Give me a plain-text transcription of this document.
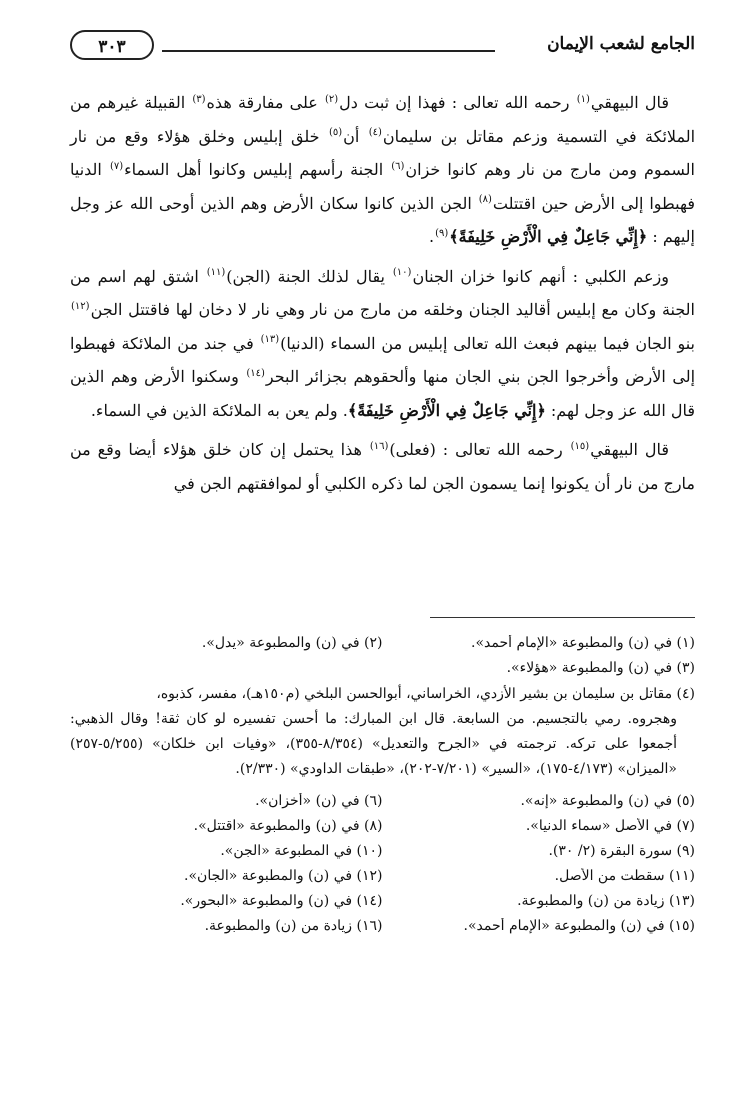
الجامع لشعب الإيمان
٣٠٣

قال البيهقي$^{(١)}$ رحمه الله تعالى : فهذا إن ثبت دل$^{(٢)}$ على مفارقة هذه$^{(٣)}$ القبيلة غيرهم من الملائكة في التسمية وزعم مقاتل بن سليمان$^{(٤)}$ أن$^{(٥)}$ خلق إبليس وخلق هؤلاء وقع من نار السموم ومن مارج من نار وهم كانوا خزان$^{(٦)}$ الجنة رأسهم إبليس وكانوا أهل السماء$^{(٧)}$ الدنيا فهبطوا إلى الأرض حين اقتتلت$^{(٨)}$ الجن الذين كانوا سكان الأرض وهم الذين أوحى الله عز وجل إليهم : ﴿إِنِّي جَاعِلٌ فِي الْأَرْضِ خَلِيفَةً﴾$^{(٩)}$.

وزعم الكلبي : أنهم كانوا خزان الجنان$^{(١٠)}$ يقال لذلك الجنة (الجن)$^{(١١)}$ اشتق لهم اسم من الجنة وكان مع إبليس أقاليد الجنان وخلقه من مارج من نار وهي نار لا دخان لها فاقتتل الجن$^{(١٢)}$ بنو الجان فيما بينهم فبعث الله تعالى إبليس من السماء (الدنيا)$^{(١٣)}$ في جند من الملائكة فهبطوا إلى الأرض وأخرجوا الجن بني الجان منها وألحقوهم بجزائر البحر$^{(١٤)}$ وسكنوا الأرض وهم الذين قال الله عز وجل لهم: ﴿إِنِّي جَاعِلٌ فِي الْأَرْضِ خَلِيفَةً﴾. ولم يعن به الملائكة الذين في السماء.

قال البيهقي$^{(١٥)}$ رحمه الله تعالى : (فعلى)$^{(١٦)}$ هذا يحتمل إن كان خلق هؤلاء أيضا وقع من مارج من نار أن يكونوا إنما يسمون الجن لما ذكره الكلبي أو لموافقتهم الجن في

(١) في (ن) والمطبوعة «الإمام أحمد».
(٢) في (ن) والمطبوعة «يدل».
(٣) في (ن) والمطبوعة «هؤلاء».
(٤) مقاتل بن سليمان بن بشير الأزدي، الخراساني، أبوالحسن البلخي (م١٥٠هـ)، مفسر، كذبوه،
وهجروه. رمي بالتجسيم. من السابعة. قال ابن المبارك: ما أحسن تفسيره لو كان ثقة! وقال الذهبي: أجمعوا على تركه. ترجمته في «الجرح والتعديل» (٨/٣٥٤-٣٥٥)، «وفيات ابن خلكان» (٥/٢٥٥-٢٥٧) «الميزان» (٤/١٧٣-١٧٥)، «السير» (٧/٢٠١-٢٠٢)، «طبقات الداودي» (٢/٣٣٠).
(٥) في (ن) والمطبوعة «إنه».
(٦) في (ن) «أخزان».
(٧) في الأصل «سماء الدنيا».
(٨) في (ن) والمطبوعة «اقتتل».
(٩) سورة البقرة (٢/ ٣٠).
(١٠) في المطبوعة «الجن».
(١١) سقطت من الأصل.
(١٢) في (ن) والمطبوعة «الجان».
(١٣) زيادة من (ن) والمطبوعة.
(١٤) في (ن) والمطبوعة «البحور».
(١٥) في (ن) والمطبوعة «الإمام أحمد».
(١٦) زيادة من (ن) والمطبوعة.
